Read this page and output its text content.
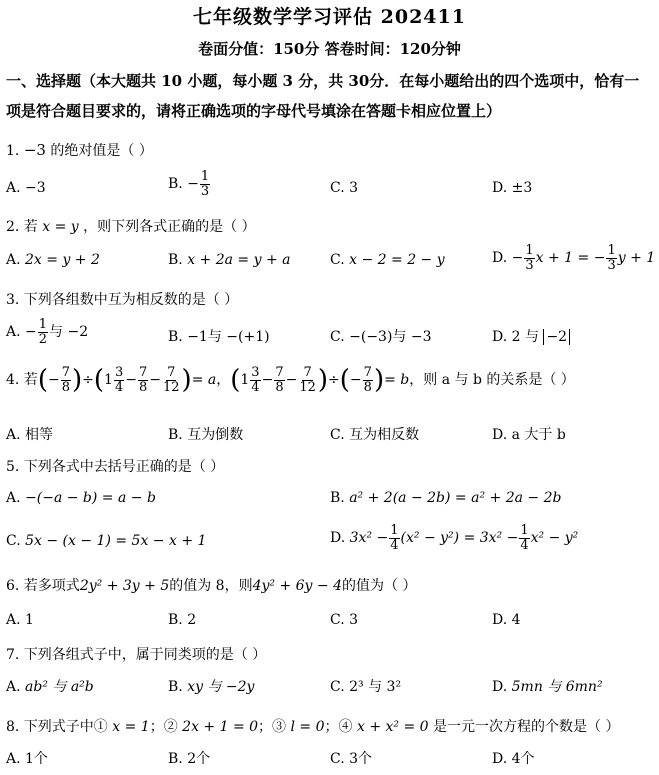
七年级数学学习评估 202411
卷面分值：150分 答卷时间：120分钟
一、选择题（本大题共 10 小题，每小题 3 分，共 30分．在每小题给出的四个选项中，恰有一
项是符合题目要求的，请将正确选项的字母代号填涂在答题卡相应位置上）
1. −3 的绝对值是（ ）
A. −3	B. − $\frac{1}{3}$	C. 3	D. ±3
2. 若 x = y ，则下列各式正确的是（ ）
A. 2x = y + 2	B. x + 2a = y + a	C. x − 2 = 2 − y	D. − $\frac{1}{3}$ x + 1 = − $\frac{1}{3}$ y + 1
3. 下列各组数中互为相反数的是（ ）
A. − $\frac{1}{2}$ 与 −2	B. −1与 −(+1)	C. −(−3)与 −3	D. 2 与 −2
4. 若(− $\frac{7}{8} )\div(1 \frac{3}{4} - \frac{7}{8} - \frac{7}{12}$ )= a，($1 \frac{3}{4} - \frac{7}{8} - \frac{7}{12}$ )÷(− $\frac{7}{8}$ )= b，则 a 与 b 的关系是（ ）
A. 相等	B. 互为倒数	C. 互为相反数	D. a 大于 b
5. 下列各式中去括号正确的是（ ）
A. −(−a − b) = a − b	B. a² + 2(a − 2b) = a² + 2a − 2b
C. 5x − (x − 1) = 5x − x + 1	D. $3x^2 - \frac{1}{4} (x^2 - y^2) = 3x^2 - \frac{1}{4} x^2 - y^2$
6. 若多项式2y² + 3y + 5的值为 8，则4y² + 6y − 4的值为（ ）
A. 1	B. 2	C. 3	D. 4
7. 下列各组式子中，属于同类项的是（ ）
A. ab² 与 a²b	B. xy 与 −2y	C. 2³ 与 3²	D. 5mn 与 6mn²
8. 下列式子中① x = 1；② 2x + 1 = 0；③ l = 0；④ x + x² = 0 是一元一次方程的个数是（ ）
A. 1个	B. 2个	C. 3个	D. 4个
